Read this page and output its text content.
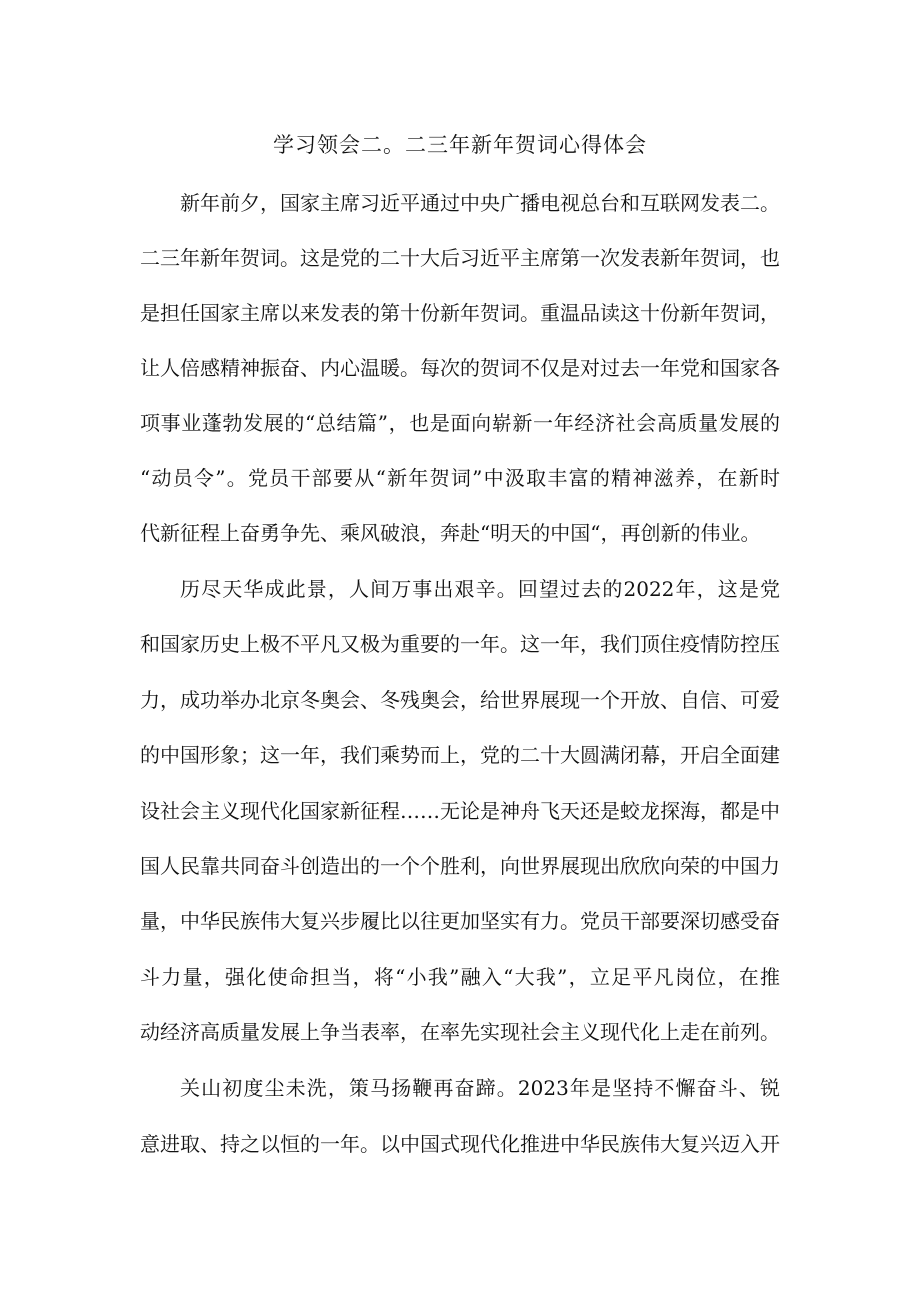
学习领会二。二三年新年贺词心得体会
新年前夕，国家主席习近平通过中央广播电视总台和互联网发表二。
二三年新年贺词。这是党的二十大后习近平主席第一次发表新年贺词，也
是担任国家主席以来发表的第十份新年贺词。重温品读这十份新年贺词，
让人倍感精神振奋、内心温暖。每次的贺词不仅是对过去一年党和国家各
项事业蓬勃发展的“总结篇”，也是面向崭新一年经济社会高质量发展的
“动员令”。党员干部要从“新年贺词”中汲取丰富的精神滋养，在新时
代新征程上奋勇争先、乘风破浪，奔赴“明天的中国“，再创新的伟业。
历尽天华成此景，人间万事出艰辛。回望过去的2022年，这是党
和国家历史上极不平凡又极为重要的一年。这一年，我们顶住疫情防控压
力，成功举办北京冬奥会、冬残奥会，给世界展现一个开放、自信、可爱
的中国形象；这一年，我们乘势而上，党的二十大圆满闭幕，开启全面建
设社会主义现代化国家新征程……无论是神舟飞天还是蛟龙探海，都是中
国人民靠共同奋斗创造出的一个个胜利，向世界展现出欣欣向荣的中国力
量，中华民族伟大复兴步履比以往更加坚实有力。党员干部要深切感受奋
斗力量，强化使命担当，将“小我”融入“大我”，立足平凡岗位，在推
动经济高质量发展上争当表率，在率先实现社会主义现代化上走在前列。
关山初度尘未洗，策马扬鞭再奋蹄。2023年是坚持不懈奋斗、锐
意进取、持之以恒的一年。以中国式现代化推进中华民族伟大复兴迈入开
